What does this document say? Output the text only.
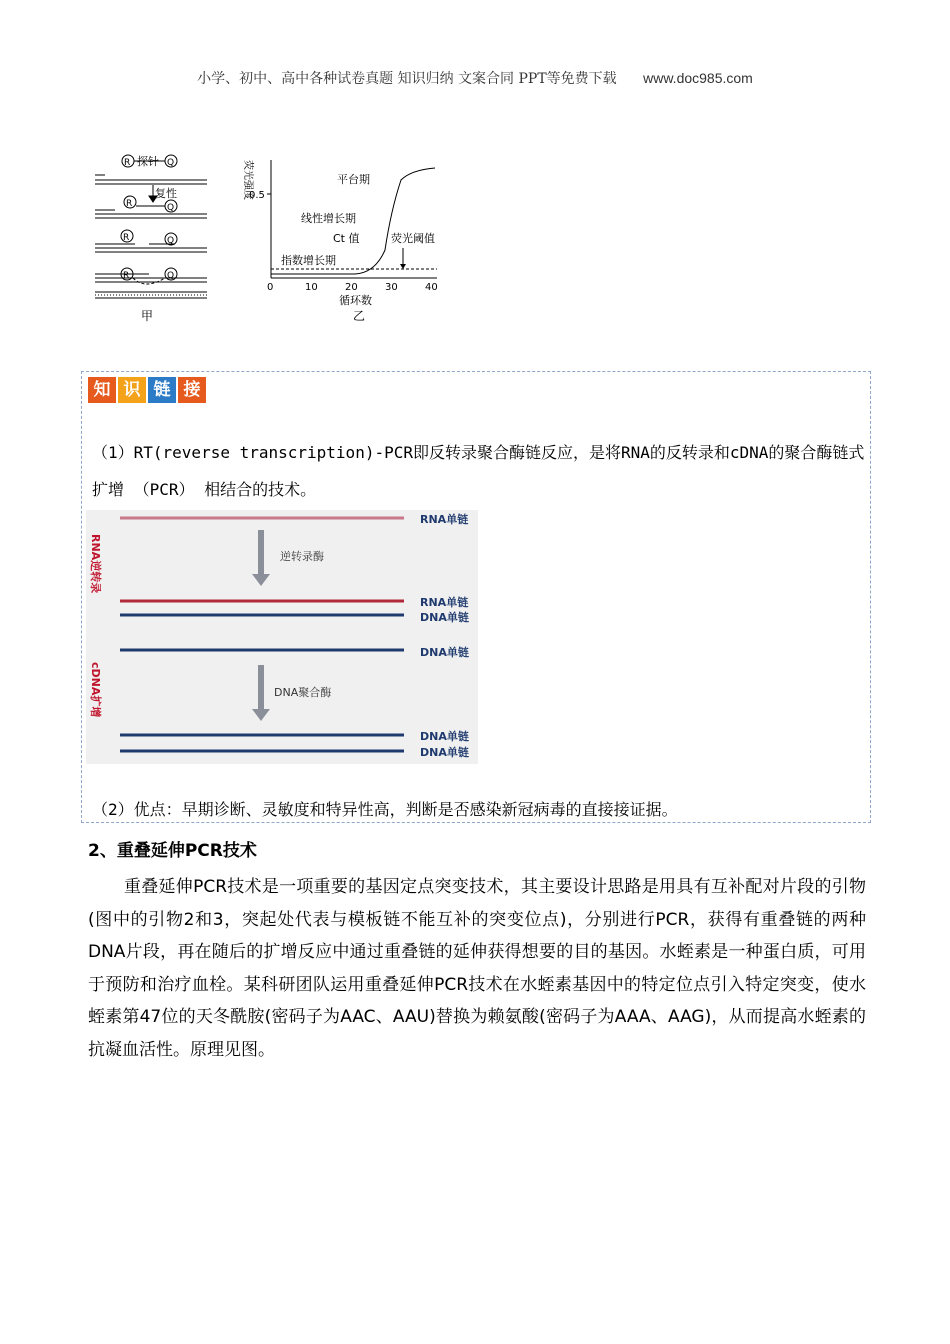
小学、初中、高中各种试卷真题 知识归纳 文案合同 PPT等免费下载 www.doc985.com
R	Q
R	Q
R	Q
R	Q
探针
复性
甲
荧光强度
0.5
0	10	20	30	40
循环数
乙
平台期
线性增长期
Ct 值	荧光阈值
指数增长期
知 识 链 接
（1）RT(reverse transcription)-PCR即反转录聚合酶链反应，是将RNA的反转录和cDNA的聚合酶链式扩增 （PCR） 相结合的技术。
RNA单链
逆转录酶
RNA逆转录
RNA单链
DNA单链
DNA单链
DNA聚合酶
cDNA扩增
DNA单链
DNA单链
（2）优点：早期诊断、灵敏度和特异性高，判断是否感染新冠病毒的直接接证据。
2、重叠延伸PCR技术
重叠延伸PCR技术是一项重要的基因定点突变技术，其主要设计思路是用具有互补配对片段的引物(图中的引物2和3，突起处代表与模板链不能互补的突变位点)，分别进行PCR，获得有重叠链的两种DNA片段，再在随后的扩增反应中通过重叠链的延伸获得想要的目的基因。水蛭素是一种蛋白质，可用于预防和治疗血栓。某科研团队运用重叠延伸PCR技术在水蛭素基因中的特定位点引入特定突变，使水蛭素第47位的天冬酰胺(密码子为AAC、AAU)替换为赖氨酸(密码子为AAA、AAG)，从而提高水蛭素的抗凝血活性。原理见图。
